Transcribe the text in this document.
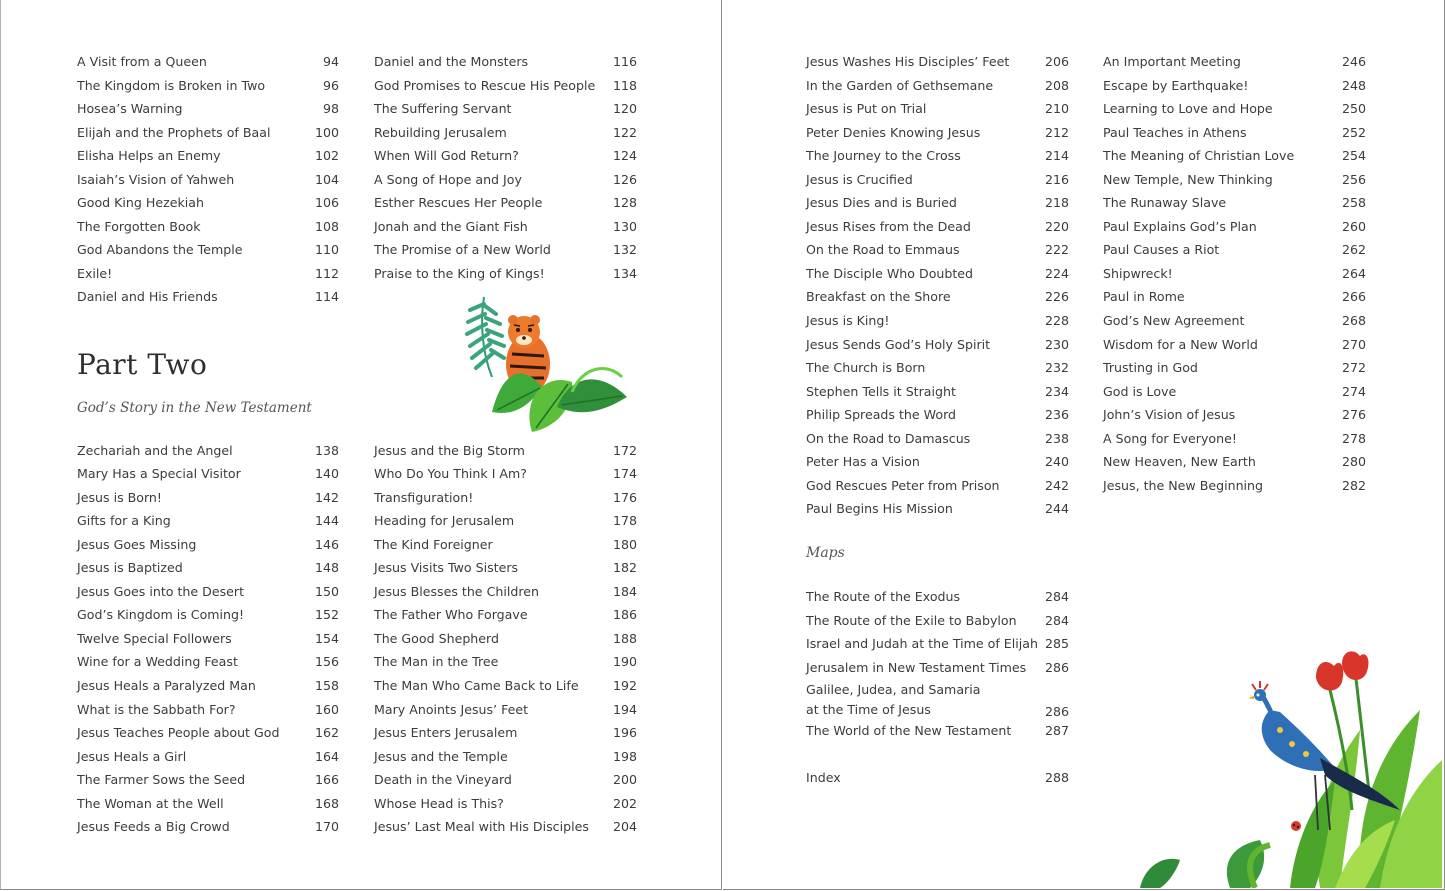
A Visit from a Queen	94
The Kingdom is Broken in Two	96
Hosea’s Warning	98
Elijah and the Prophets of Baal	100
Elisha Helps an Enemy	102
Isaiah’s Vision of Yahweh	104
Good King Hezekiah	106
The Forgotten Book	108
God Abandons the Temple	110
Exile!	112
Daniel and His Friends	114
Daniel and the Monsters	116
God Promises to Rescue His People 118
The Suffering Servant	120
Rebuilding Jerusalem	122
When Will God Return?	124
A Song of Hope and Joy	126
Esther Rescues Her People	128
Jonah and the Giant Fish	130
The Promise of a New World	132
Praise to the King of Kings!	134
Part Two
God’s Story in the New Testament
Zechariah and the Angel	138
Mary Has a Special Visitor	140
Jesus is Born!	142
Gifts for a King	144
Jesus Goes Missing	146
Jesus is Baptized	148
Jesus Goes into the Desert	150
God’s Kingdom is Coming!	152
Twelve Special Followers	154
Wine for a Wedding Feast	156
Jesus Heals a Paralyzed Man	158
What is the Sabbath For?	160
Jesus Teaches People about God	162
Jesus Heals a Girl	164
The Farmer Sows the Seed	166
The Woman at the Well	168
Jesus Feeds a Big Crowd	170
Jesus and the Big Storm	172
Who Do You Think I Am?	174
Transfiguration!	176
Heading for Jerusalem	178
The Kind Foreigner	180
Jesus Visits Two Sisters	182
Jesus Blesses the Children	184
The Father Who Forgave	186
The Good Shepherd	188
The Man in the Tree	190
The Man Who Came Back to Life	192
Mary Anoints Jesus’ Feet	194
Jesus Enters Jerusalem	196
Jesus and the Temple	198
Death in the Vineyard	200
Whose Head is This?	202
Jesus’ Last Meal with His Disciples 204
Jesus Washes His Disciples’ Feet	206
In the Garden of Gethsemane	208
Jesus is Put on Trial	210
Peter Denies Knowing Jesus	212
The Journey to the Cross	214
Jesus is Crucified	216
Jesus Dies and is Buried	218
Jesus Rises from the Dead	220
On the Road to Emmaus	222
The Disciple Who Doubted	224
Breakfast on the Shore	226
Jesus is King!	228
Jesus Sends God’s Holy Spirit	230
The Church is Born	232
Stephen Tells it Straight	234
Philip Spreads the Word	236
On the Road to Damascus	238
Peter Has a Vision	240
God Rescues Peter from Prison	242
Paul Begins His Mission	244
An Important Meeting	246
Escape by Earthquake!	248
Learning to Love and Hope	250
Paul Teaches in Athens	252
The Meaning of Christian Love	254
New Temple, New Thinking	256
The Runaway Slave	258
Paul Explains God’s Plan	260
Paul Causes a Riot	262
Shipwreck!	264
Paul in Rome	266
God’s New Agreement	268
Wisdom for a New World	270
Trusting in God	272
God is Love	274
John’s Vision of Jesus	276
A Song for Everyone!	278
New Heaven, New Earth	280
Jesus, the New Beginning	282
Maps
The Route of the Exodus	284
The Route of the Exile to Babylon 284
Israel and Judah at the Time of Elijah 285
Jerusalem in New Testament Times 286
Galilee, Judea, and Samaria
at the Time of Jesus	286
The World of the New Testament	287
Index	288
